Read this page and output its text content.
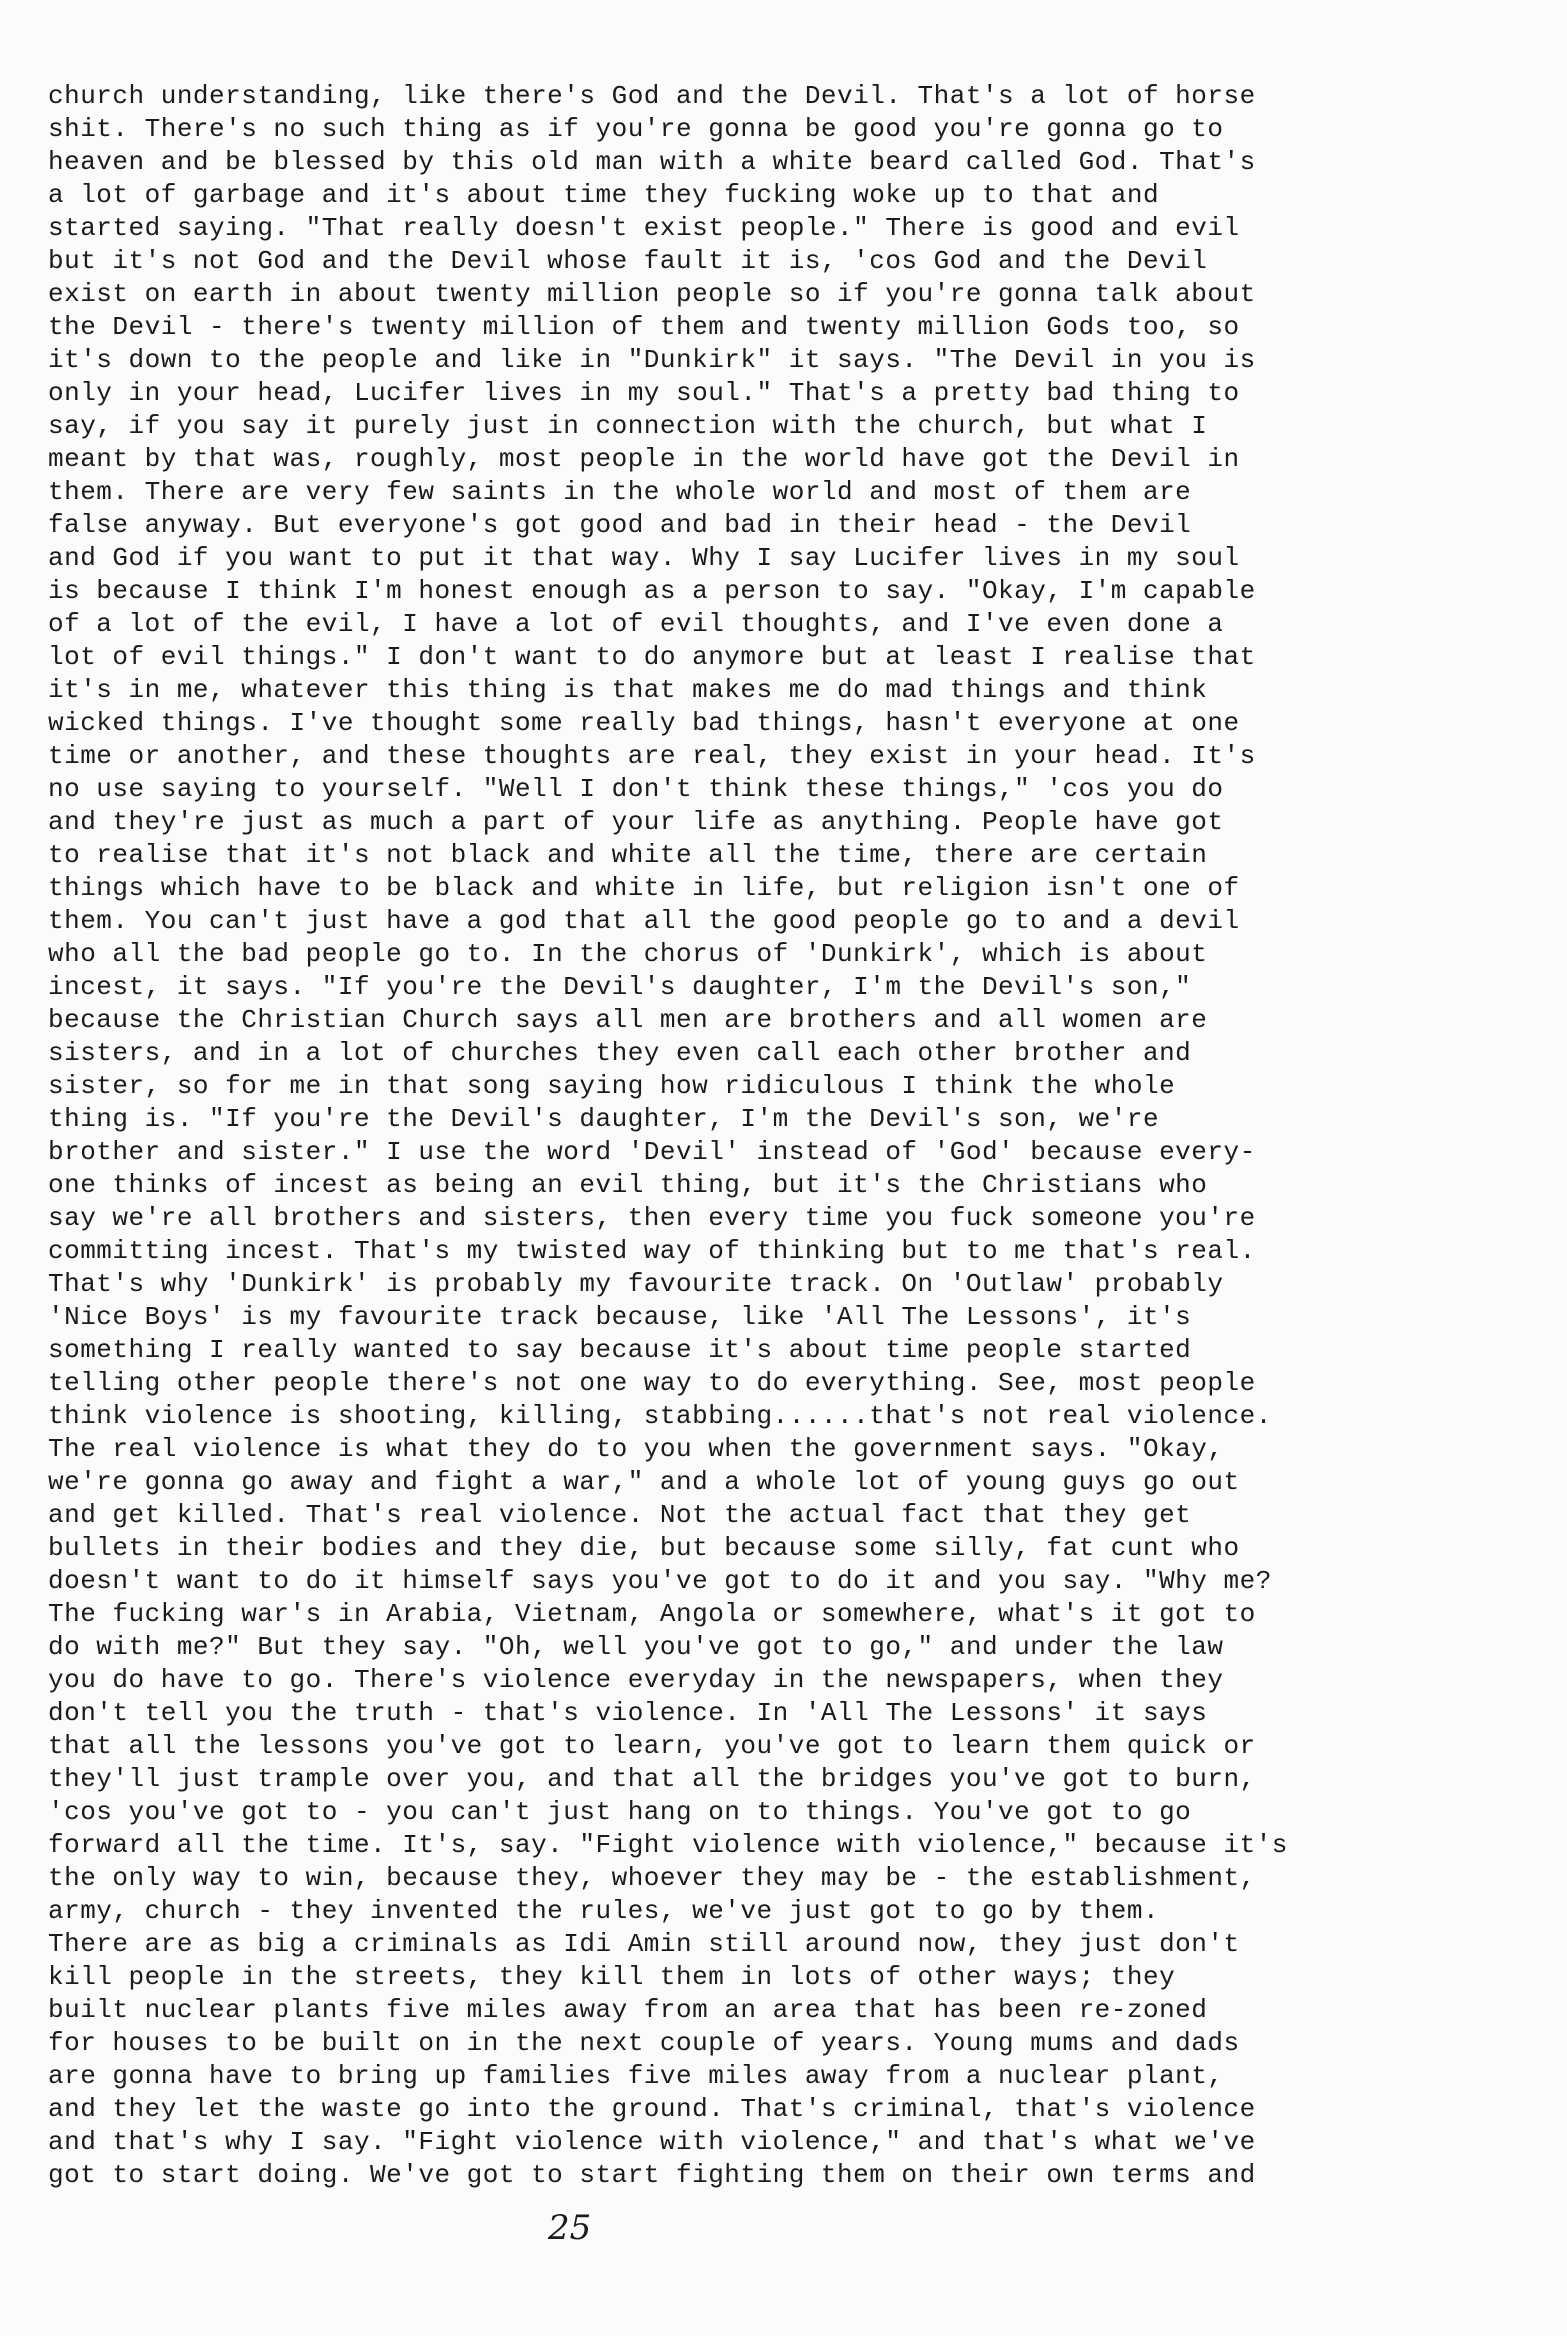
church understanding, like there's God and the Devil. That's a lot of horse
shit. There's no such thing as if you're gonna be good you're gonna go to
heaven and be blessed by this old man with a white beard called God. That's
a lot of garbage and it's about time they fucking woke up to that and
started saying. "That really doesn't exist people." There is good and evil
but it's not God and the Devil whose fault it is, 'cos God and the Devil
exist on earth in about twenty million people so if you're gonna talk about
the Devil - there's twenty million of them and twenty million Gods too, so
it's down to the people and like in "Dunkirk" it says. "The Devil in you is
only in your head, Lucifer lives in my soul." That's a pretty bad thing to
say, if you say it purely just in connection with the church, but what I
meant by that was, roughly, most people in the world have got the Devil in
them. There are very few saints in the whole world and most of them are
false anyway. But everyone's got good and bad in their head - the Devil
and God if you want to put it that way. Why I say Lucifer lives in my soul
is because I think I'm honest enough as a person to say. "Okay, I'm capable
of a lot of the evil, I have a lot of evil thoughts, and I've even done a
lot of evil things." I don't want to do anymore but at least I realise that
it's in me, whatever this thing is that makes me do mad things and think
wicked things. I've thought some really bad things, hasn't everyone at one
time or another, and these thoughts are real, they exist in your head. It's
no use saying to yourself. "Well I don't think these things," 'cos you do
and they're just as much a part of your life as anything. People have got
to realise that it's not black and white all the time, there are certain
things which have to be black and white in life, but religion isn't one of
them. You can't just have a god that all the good people go to and a devil
who all the bad people go to. In the chorus of 'Dunkirk', which is about
incest, it says. "If you're the Devil's daughter, I'm the Devil's son,"
because the Christian Church says all men are brothers and all women are
sisters, and in a lot of churches they even call each other brother and
sister, so for me in that song saying how ridiculous I think the whole
thing is. "If you're the Devil's daughter, I'm the Devil's son, we're
brother and sister." I use the word 'Devil' instead of 'God' because every-
one thinks of incest as being an evil thing, but it's the Christians who
say we're all brothers and sisters, then every time you fuck someone you're
committing incest. That's my twisted way of thinking but to me that's real.
That's why 'Dunkirk' is probably my favourite track. On 'Outlaw' probably
'Nice Boys' is my favourite track because, like 'All The Lessons', it's
something I really wanted to say because it's about time people started
telling other people there's not one way to do everything. See, most people
think violence is shooting, killing, stabbing......that's not real violence.
The real violence is what they do to you when the government says. "Okay,
we're gonna go away and fight a war," and a whole lot of young guys go out
and get killed. That's real violence. Not the actual fact that they get
bullets in their bodies and they die, but because some silly, fat cunt who
doesn't want to do it himself says you've got to do it and you say. "Why me?
The fucking war's in Arabia, Vietnam, Angola or somewhere, what's it got to
do with me?" But they say. "Oh, well you've got to go," and under the law
you do have to go. There's violence everyday in the newspapers, when they
don't tell you the truth - that's violence. In 'All The Lessons' it says
that all the lessons you've got to learn, you've got to learn them quick or
they'll just trample over you, and that all the bridges you've got to burn,
'cos you've got to - you can't just hang on to things. You've got to go
forward all the time. It's, say. "Fight violence with violence," because it's
the only way to win, because they, whoever they may be - the establishment,
army, church - they invented the rules, we've just got to go by them.
There are as big a criminals as Idi Amin still around now, they just don't
kill people in the streets, they kill them in lots of other ways; they
built nuclear plants five miles away from an area that has been re-zoned
for houses to be built on in the next couple of years. Young mums and dads
are gonna have to bring up families five miles away from a nuclear plant,
and they let the waste go into the ground. That's criminal, that's violence
and that's why I say. "Fight violence with violence," and that's what we've
got to start doing. We've got to start fighting them on their own terms and
25
